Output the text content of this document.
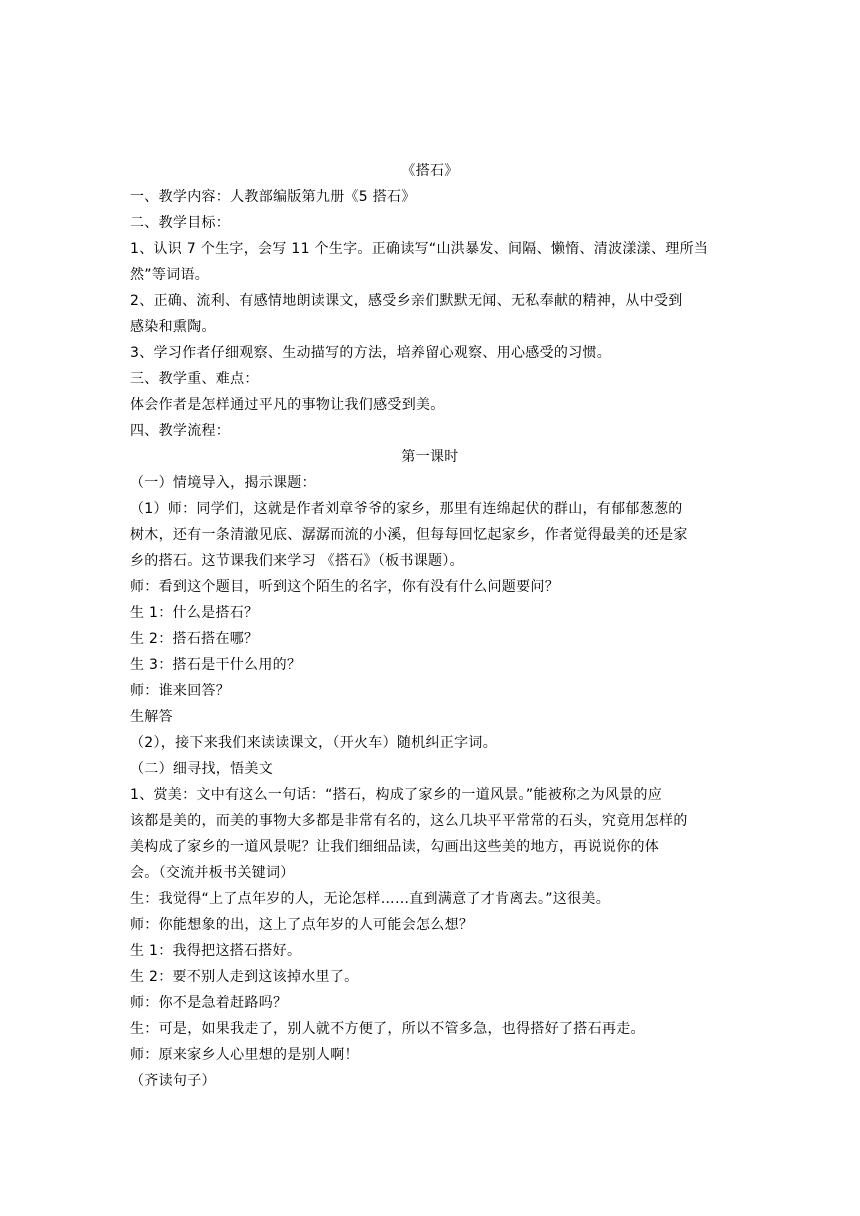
《搭石》
一、教学内容：人教部编版第九册《5 搭石》
二、教学目标：
1、认识 7 个生字，会写 11 个生字。正确读写“山洪暴发、间隔、懒惰、清波漾漾、理所当
然”等词语。
2、正确、流利、有感情地朗读课文，感受乡亲们默默无闻、无私奉献的精神，从中受到
感染和熏陶。
3、学习作者仔细观察、生动描写的方法，培养留心观察、用心感受的习惯。
三、教学重、难点：
体会作者是怎样通过平凡的事物让我们感受到美。
四、教学流程：
第一课时
（一）情境导入，揭示课题：
（1）师：同学们，这就是作者刘章爷爷的家乡，那里有连绵起伏的群山，有郁郁葱葱的
树木，还有一条清澈见底、潺潺而流的小溪，但每每回忆起家乡，作者觉得最美的还是家
乡的搭石。这节课我们来学习 《搭石》（板书课题）。
师：看到这个题目，听到这个陌生的名字，你有没有什么问题要问？
生 1：什么是搭石？
生 2：搭石搭在哪？
生 3：搭石是干什么用的？
师：谁来回答？
生解答
（2），接下来我们来读读课文，（开火车）随机纠正字词。
（二）细寻找，悟美文
1、赏美：文中有这么一句话：“搭石，构成了家乡的一道风景。”能被称之为风景的应
该都是美的，而美的事物大多都是非常有名的，这么几块平平常常的石头，究竟用怎样的
美构成了家乡的一道风景呢？让我们细细品读，勾画出这些美的地方，再说说你的体
会。（交流并板书关键词）
生：我觉得“上了点年岁的人，无论怎样……直到满意了才肯离去。”这很美。
师：你能想象的出，这上了点年岁的人可能会怎么想？
生 1：我得把这搭石搭好。
生 2：要不别人走到这该掉水里了。
师：你不是急着赶路吗？
生：可是，如果我走了，别人就不方便了，所以不管多急，也得搭好了搭石再走。
师：原来家乡人心里想的是别人啊！
（齐读句子）
